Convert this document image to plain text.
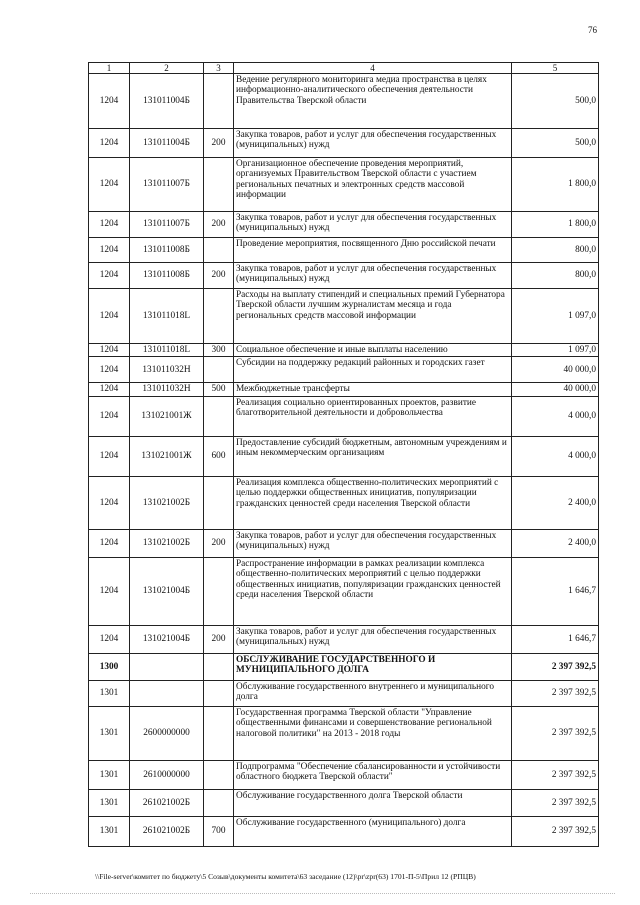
76
1	2	3	4	5
1204	131011004Б		Ведение регулярного мониторинга медиа пространства в целях информационно-аналитического обеспечения деятельности Правительства Тверской области	500,0
1204	131011004Б	200	Закупка товаров, работ и услуг для обеспечения государственных (муниципальных) нужд	500,0
1204	131011007Б		Организационное обеспечение проведения мероприятий, организуемых Правительством Тверской области с участием региональных печатных и электронных средств массовой информации	1 800,0
1204	131011007Б	200	Закупка товаров, работ и услуг для обеспечения государственных (муниципальных) нужд	1 800,0
1204	131011008Б		Проведение мероприятия, посвященного Дню российской печати	800,0
1204	131011008Б	200	Закупка товаров, работ и услуг для обеспечения государственных (муниципальных) нужд	800,0
1204	131011018L		Расходы на выплату стипендий и специальных премий Губернатора Тверской области лучшим журналистам месяца и года региональных средств массовой информации	1 097,0
1204	131011018L	300	Социальное обеспечение и иные выплаты населению	1 097,0
1204	131011032Н		Субсидии на поддержку редакций районных и городских газет	40 000,0
1204	131011032Н	500	Межбюджетные трансферты	40 000,0
1204	131021001Ж		Реализация социально ориентированных проектов, развитие благотворительной деятельности и добровольчества	4 000,0
1204	131021001Ж	600	Предоставление субсидий бюджетным, автономным учреждениям и иным некоммерческим организациям	4 000,0
1204	131021002Б		Реализация комплекса общественно-политических мероприятий с целью поддержки общественных инициатив, популяризации гражданских ценностей среди населения Тверской области	2 400,0
1204	131021002Б	200	Закупка товаров, работ и услуг для обеспечения государственных (муниципальных) нужд	2 400,0
1204	131021004Б		Распространение информации в рамках реализации комплекса общественно-политических мероприятий с целью поддержки общественных инициатив, популяризации гражданских ценностей среди населения Тверской области	1 646,7
1204	131021004Б	200	Закупка товаров, работ и услуг для обеспечения государственных (муниципальных) нужд	1 646,7
1300			ОБСЛУЖИВАНИЕ ГОСУДАРСТВЕННОГО И МУНИЦИПАЛЬНОГО ДОЛГА	2 397 392,5
1301			Обслуживание государственного внутреннего и муниципального долга	2 397 392,5
1301	2600000000		Государственная программа Тверской области "Управление общественными финансами и совершенствование региональной налоговой политики" на 2013 - 2018 годы	2 397 392,5
1301	2610000000		Подпрограмма "Обеспечение сбалансированности и устойчивости областного бюджета Тверской области"	2 397 392,5
1301	261021002Б		Обслуживание государственного долга Тверской области	2 397 392,5
1301	261021002Б	700	Обслуживание государственного (муниципального) долга	2 397 392,5
\\File-server\комитет по бюджету\5 Созыв\документы комитета\63 заседание (12)\pr\zpr(63) 1701-П-5\Прил 12 (РПЦВ)
